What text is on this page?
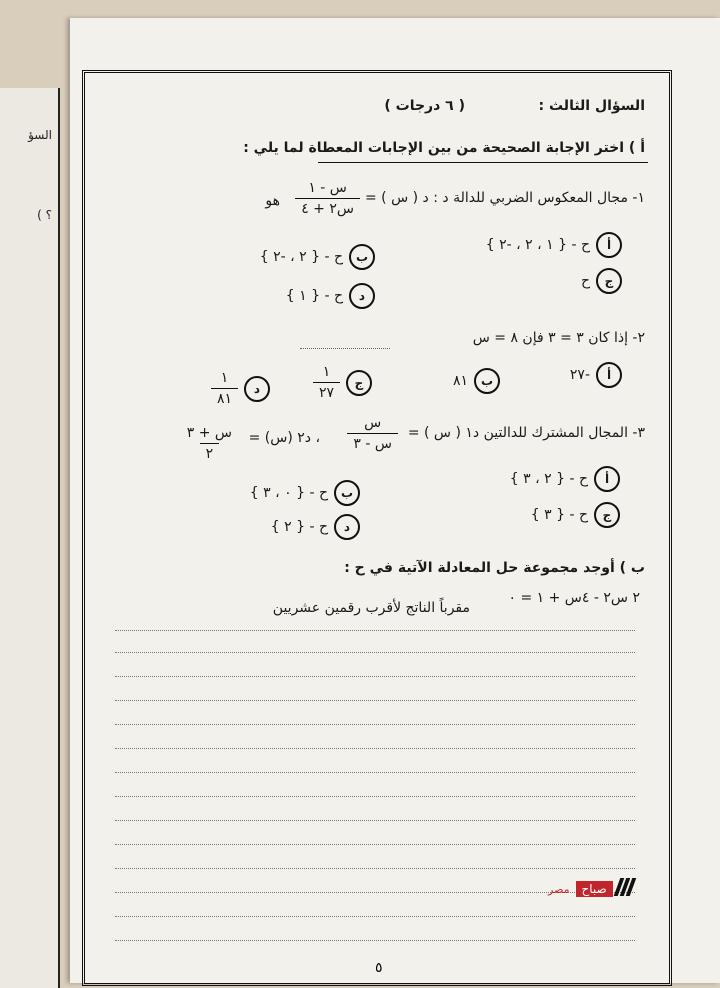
السؤ
؟ )
السؤال الثالث :
( ٦ درجات )
أ ) اختر الإجابة الصحيحة من بين الإجابات المعطاة لما يلي :
١- مجال المعكوس الضربي للدالة د : د ( س ) =
$\frac{\text{س - ١}}{\text{س٢ + ٤}}$
هو
أ
ح - { ١ ، ٢ ، -٢ }
ب
ح - { ٢ ، -٢ }
ج
ح
د
ح - { ١ }
٢- إذا كان ٣ = ٣ فإن ٨ = س
أ
-٢٧
ب
٨١
ج
$\frac{١}{٢٧}$
د
$\frac{١}{٨١}$
٣- المجال المشترك للدالتين د١ ( س ) =
$\frac{\text{س}}{\text{س - ٣}}$
، د٢ (س) =
$\frac{\text{س + ٣}}{٢}$
أ
ح - { ٢ ، ٣ }
ب
ح - { ٠ ، ٣ }
ج
ح - { ٣ }
د
ح - { ٢ }
ب ) أوجد مجموعة حل المعادلة الآتية في ح :
٢ س٢ - ٤س + ١ = ٠
مقرباً الناتج لأقرب رقمين عشريين
مصر	صباح
٥
